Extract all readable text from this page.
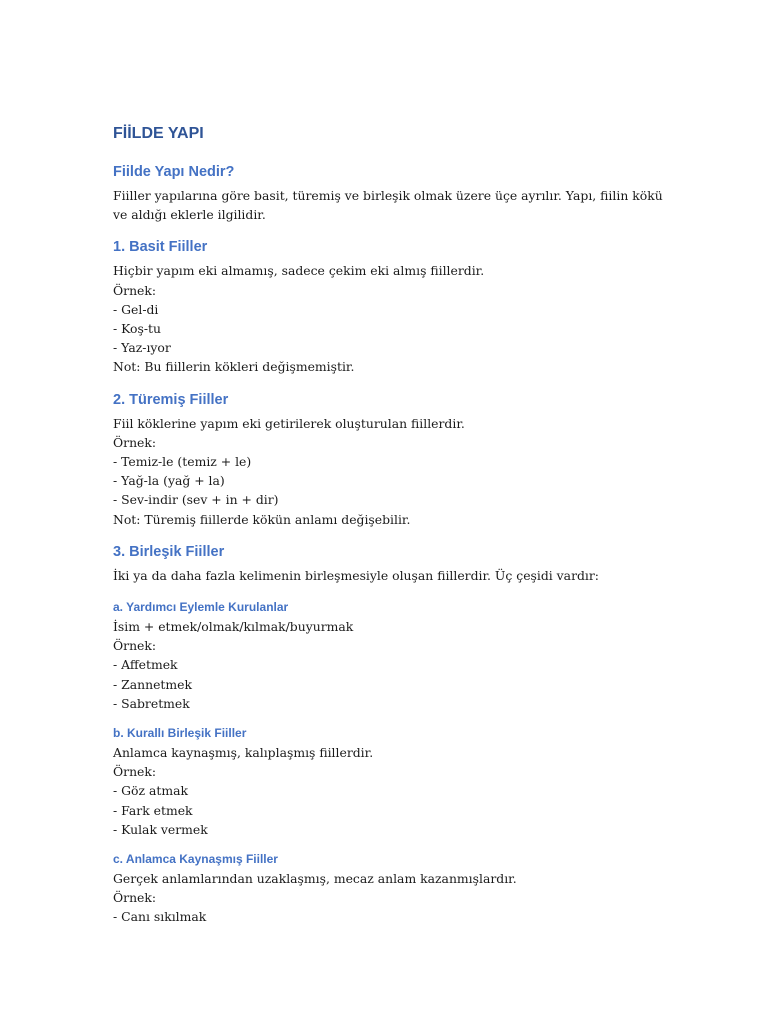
FİİLDE YAPI
Fiilde Yapı Nedir?
Fiiller yapılarına göre basit, türemiş ve birleşik olmak üzere üçe ayrılır. Yapı, fiilin kökü ve aldığı eklerle ilgilidir.
1. Basit Fiiller
Hiçbir yapım eki almamış, sadece çekim eki almış fiillerdir.
Örnek:
- Gel-di
- Koş-tu
- Yaz-ıyor
Not: Bu fiillerin kökleri değişmemiştir.
2. Türemiş Fiiller
Fiil köklerine yapım eki getirilerek oluşturulan fiillerdir.
Örnek:
- Temiz-le (temiz + le)
- Yağ-la (yağ + la)
- Sev-indir (sev + in + dir)
Not: Türemiş fiillerde kökün anlamı değişebilir.
3. Birleşik Fiiller
İki ya da daha fazla kelimenin birleşmesiyle oluşan fiillerdir. Üç çeşidi vardır:
a. Yardımcı Eylemle Kurulanlar
İsim + etmek/olmak/kılmak/buyurmak
Örnek:
- Affetmek
- Zannetmek
- Sabretmek
b. Kurallı Birleşik Fiiller
Anlamca kaynaşmış, kalıplaşmış fiillerdir.
Örnek:
- Göz atmak
- Fark etmek
- Kulak vermek
c. Anlamca Kaynaşmış Fiiller
Gerçek anlamlarından uzaklaşmış, mecaz anlam kazanmışlardır.
Örnek:
- Canı sıkılmak
